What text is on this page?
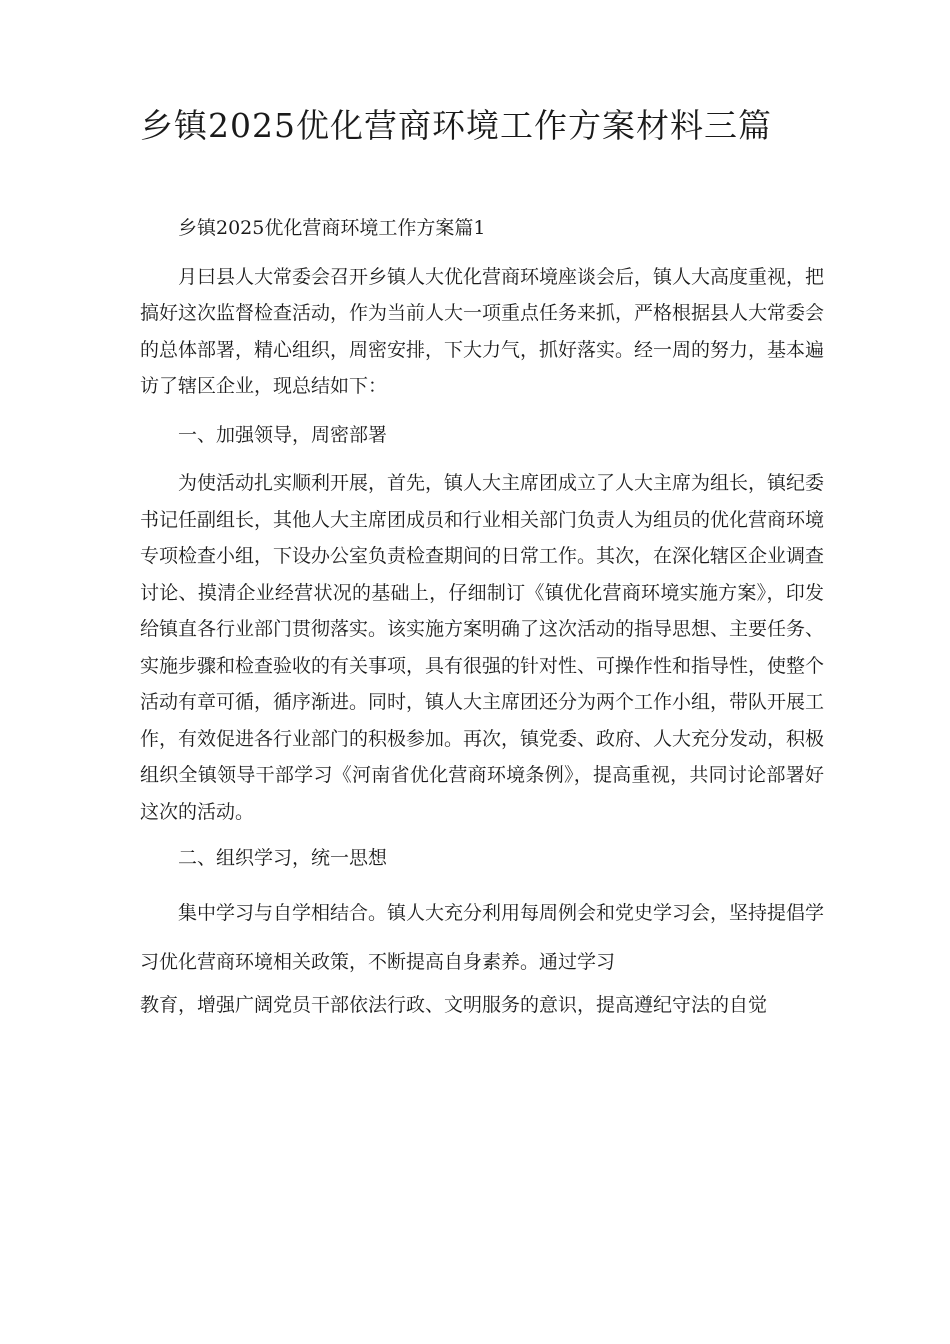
乡镇2025优化营商环境工作方案材料三篇

乡镇2025优化营商环境工作方案篇1

月曰县人大常委会召开乡镇人大优化营商环境座谈会后，镇人大高度重视，把搞好这次监督检查活动，作为当前人大一项重点任务来抓，严格根据县人大常委会的总体部署，精心组织，周密安排，下大力气，抓好落实。经一周的努力，基本遍访了辖区企业，现总结如下：

一、加强领导，周密部署

为使活动扎实顺利开展，首先，镇人大主席团成立了人大主席为组长，镇纪委书记任副组长，其他人大主席团成员和行业相关部门负责人为组员的优化营商环境专项检查小组，下设办公室负责检查期间的日常工作。其次，在深化辖区企业调查讨论、摸清企业经营状况的基础上，仔细制订《镇优化营商环境实施方案》，印发给镇直各行业部门贯彻落实。该实施方案明确了这次活动的指导思想、主要任务、实施步骤和检查验收的有关事项，具有很强的针对性、可操作性和指导性，使整个活动有章可循，循序渐进。同时，镇人大主席团还分为两个工作小组，带队开展工作，有效促进各行业部门的积极参加。再次，镇党委、政府、人大充分发动，积极组织全镇领导干部学习《河南省优化营商环境条例》，提高重视，共同讨论部署好这次的活动。

二、组织学习，统一思想

集中学习与自学相结合。镇人大充分利用每周例会和党史学习会，坚持提倡学习优化营商环境相关政策，不断提高自身素养。通过学习

教育，增强广阔党员干部依法行政、文明服务的意识，提高遵纪守法的自觉
